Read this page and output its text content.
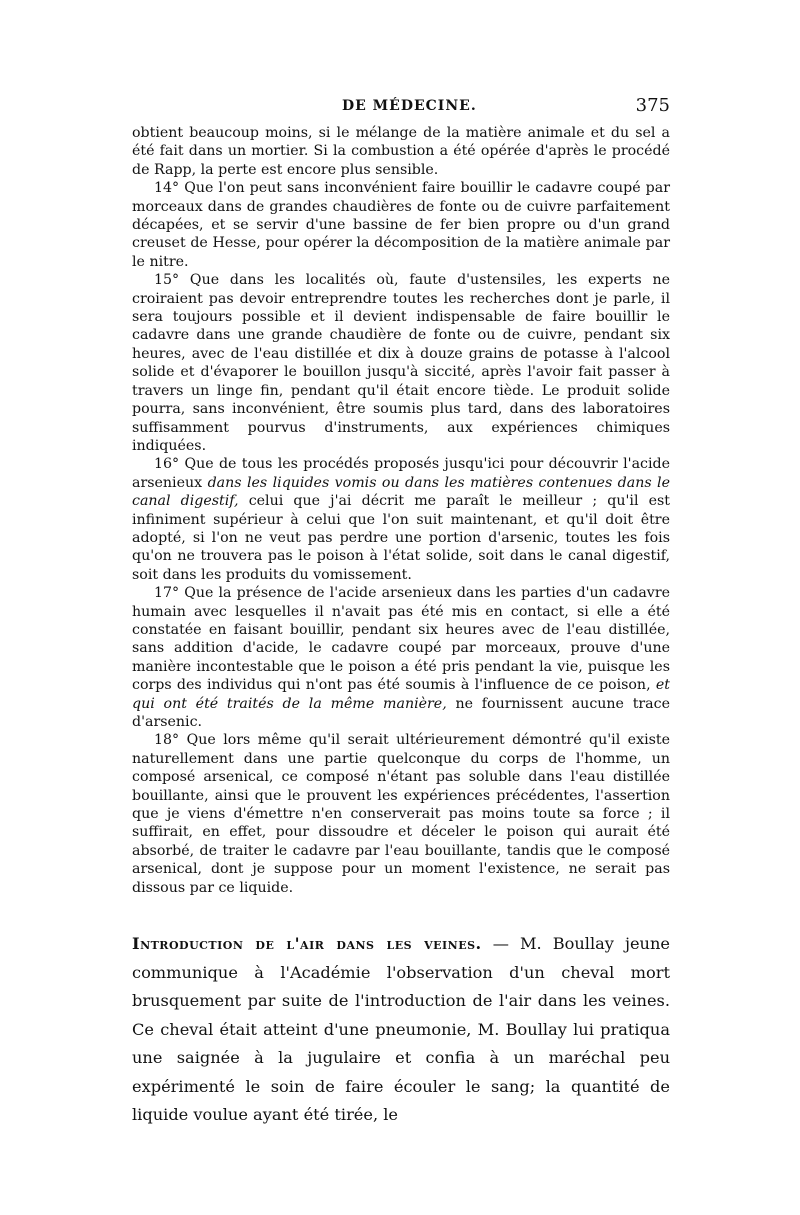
DE MÉDECINE.	375

obtient beaucoup moins, si le mélange de la matière animale et du sel a été fait dans un mortier. Si la combustion a été opérée d'après le procédé de Rapp, la perte est encore plus sensible.

14° Que l'on peut sans inconvénient faire bouillir le cadavre coupé par morceaux dans de grandes chaudières de fonte ou de cuivre parfaitement décapées, et se servir d'une bassine de fer bien propre ou d'un grand creuset de Hesse, pour opérer la décomposition de la matière animale par le nitre.

15° Que dans les localités où, faute d'ustensiles, les experts ne croiraient pas devoir entreprendre toutes les recherches dont je parle, il sera toujours possible et il devient indispensable de faire bouillir le cadavre dans une grande chaudière de fonte ou de cuivre, pendant six heures, avec de l'eau distillée et dix à douze grains de potasse à l'alcool solide et d'évaporer le bouillon jusqu'à siccité, après l'avoir fait passer à travers un linge fin, pendant qu'il était encore tiède. Le produit solide pourra, sans inconvénient, être soumis plus tard, dans des laboratoires suffisamment pourvus d'instruments, aux expériences chimiques indiquées.

16° Que de tous les procédés proposés jusqu'ici pour découvrir l'acide arsenieux dans les liquides vomis ou dans les matières contenues dans le canal digestif, celui que j'ai décrit me paraît le meilleur ; qu'il est infiniment supérieur à celui que l'on suit maintenant, et qu'il doit être adopté, si l'on ne veut pas perdre une portion d'arsenic, toutes les fois qu'on ne trouvera pas le poison à l'état solide, soit dans le canal digestif, soit dans les produits du vomissement.

17° Que la présence de l'acide arsenieux dans les parties d'un cadavre humain avec lesquelles il n'avait pas été mis en contact, si elle a été constatée en faisant bouillir, pendant six heures avec de l'eau distillée, sans addition d'acide, le cadavre coupé par morceaux, prouve d'une manière incontestable que le poison a été pris pendant la vie, puisque les corps des individus qui n'ont pas été soumis à l'influence de ce poison, et qui ont été traités de la même manière, ne fournissent aucune trace d'arsenic.

18° Que lors même qu'il serait ultérieurement démontré qu'il existe naturellement dans une partie quelconque du corps de l'homme, un composé arsenical, ce composé n'étant pas soluble dans l'eau distillée bouillante, ainsi que le prouvent les expériences précédentes, l'assertion que je viens d'émettre n'en conserverait pas moins toute sa force ; il suffirait, en effet, pour dissoudre et déceler le poison qui aurait été absorbé, de traiter le cadavre par l'eau bouillante, tandis que le composé arsenical, dont je suppose pour un moment l'existence, ne serait pas dissous par ce liquide.

Introduction de l'air dans les veines. — M. Boullay jeune communique à l'Académie l'observation d'un cheval mort brusquement par suite de l'introduction de l'air dans les veines. Ce cheval était atteint d'une pneumonie, M. Boullay lui pratiqua une saignée à la jugulaire et confia à un maréchal peu expérimenté le soin de faire écouler le sang; la quantité de liquide voulue ayant été tirée, le
